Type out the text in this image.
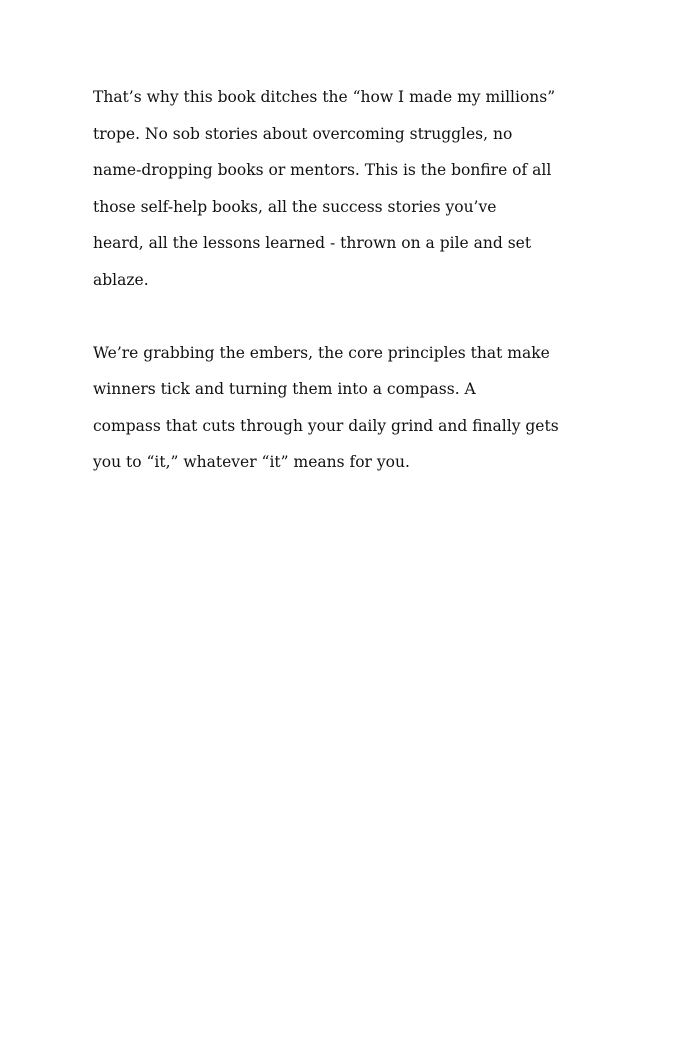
That’s why this book ditches the “how I made my millions”
trope. No sob stories about overcoming struggles, no
name-dropping books or mentors. This is the bonfire of all
those self-help books, all the success stories you’ve
heard, all the lessons learned - thrown on a pile and set
ablaze.
We’re grabbing the embers, the core principles that make
winners tick and turning them into a compass. A
compass that cuts through your daily grind and finally gets
you to “it,” whatever “it” means for you.
